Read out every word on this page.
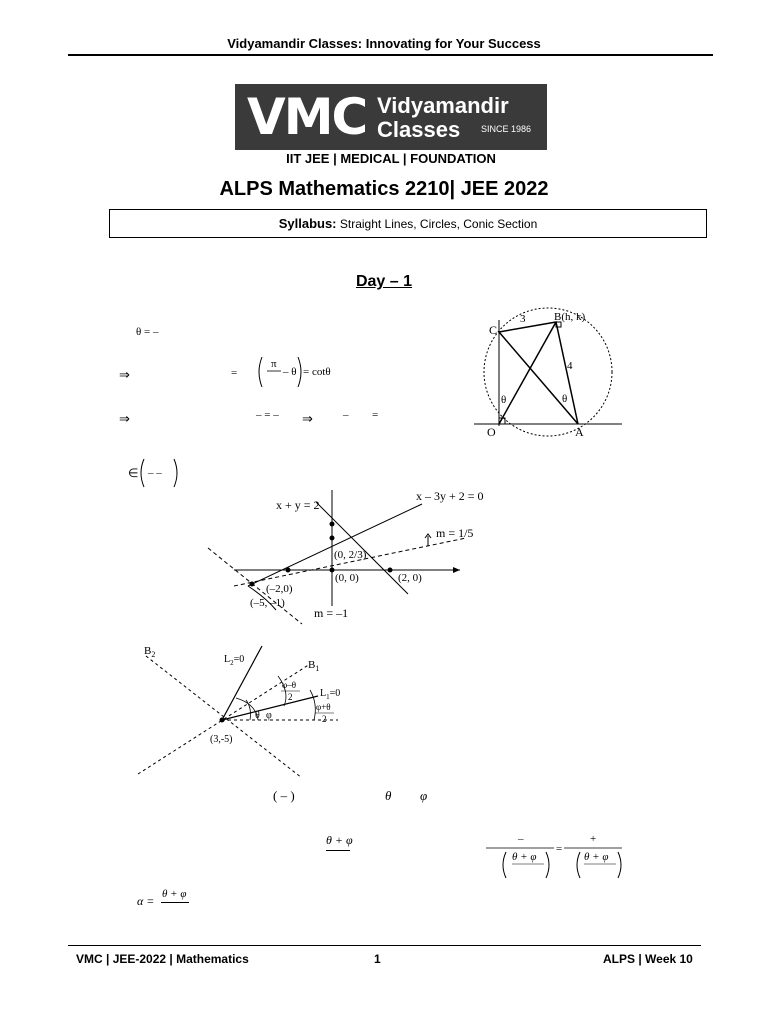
Vidyamandir Classes: Innovating for Your Success
VMC Vidyamandir
Classes	SINCE 1986
IIT JEE | MEDICAL | FOUNDATION
ALPS Mathematics 2210| JEE 2022
Syllabus: Straight Lines, Circles, Conic Section
Day – 1
θ = –
⇒	=
π
– θ = cotθ
⇒	– = – ⇒	– =
∈ – –
C
B(h, k)
O	A
3
4
θ	θ
x + y = 2
x – 3y + 2 = 0
m = 1/5
m = –1
(0, 2/3)
(0, 0)	(2, 0)
(–2,0)
(–5, –1)
$B_2$
$B_1$
$L_2=0$
$L_1=0$
φ–θ
2
φ+θ
2
θ φ
(3,-5)
( – )	θ φ
θ + φ	–
θ + φ
=
+
θ + φ
α = θ + φ
VMC | JEE-2022 | Mathematics	1	ALPS | Week 10
